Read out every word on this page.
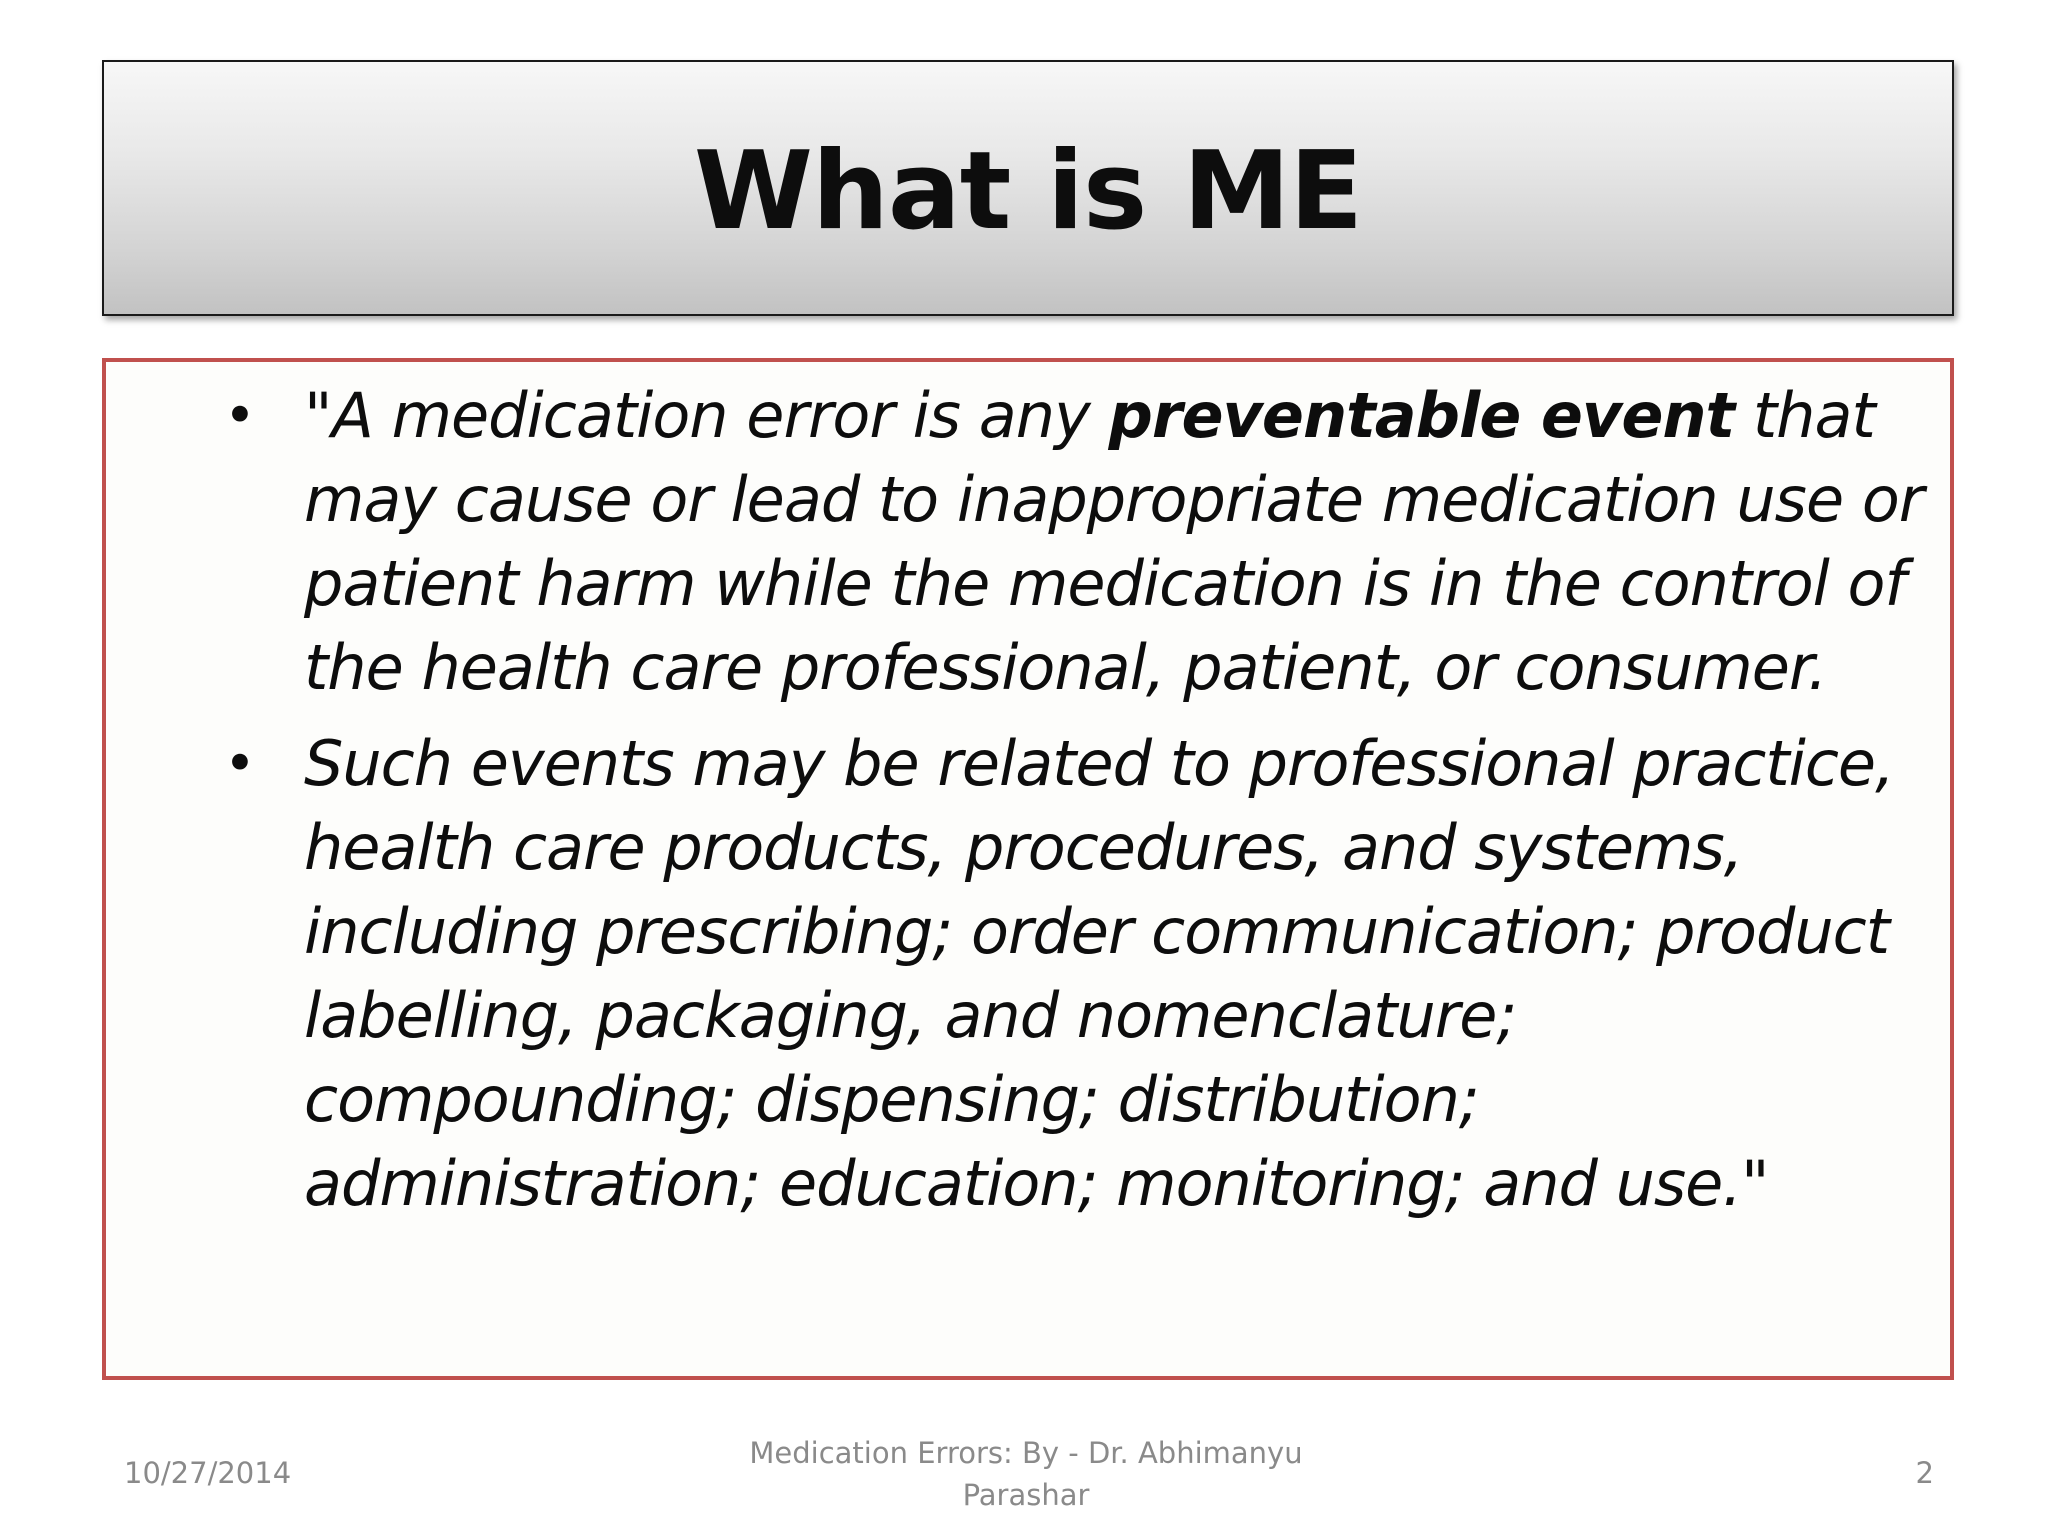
What is ME
• "A medication error is any preventable event that may cause or lead to inappropriate medication use or patient harm while the medication is in the control of the health care professional, patient, or consumer.
• Such events may be related to professional practice, health care products, procedures, and systems, including prescribing; order communication; product labelling, packaging, and nomenclature; compounding; dispensing; distribution; administration; education; monitoring; and use."
10/27/2014
Medication Errors: By - Dr. Abhimanyu Parashar
2
